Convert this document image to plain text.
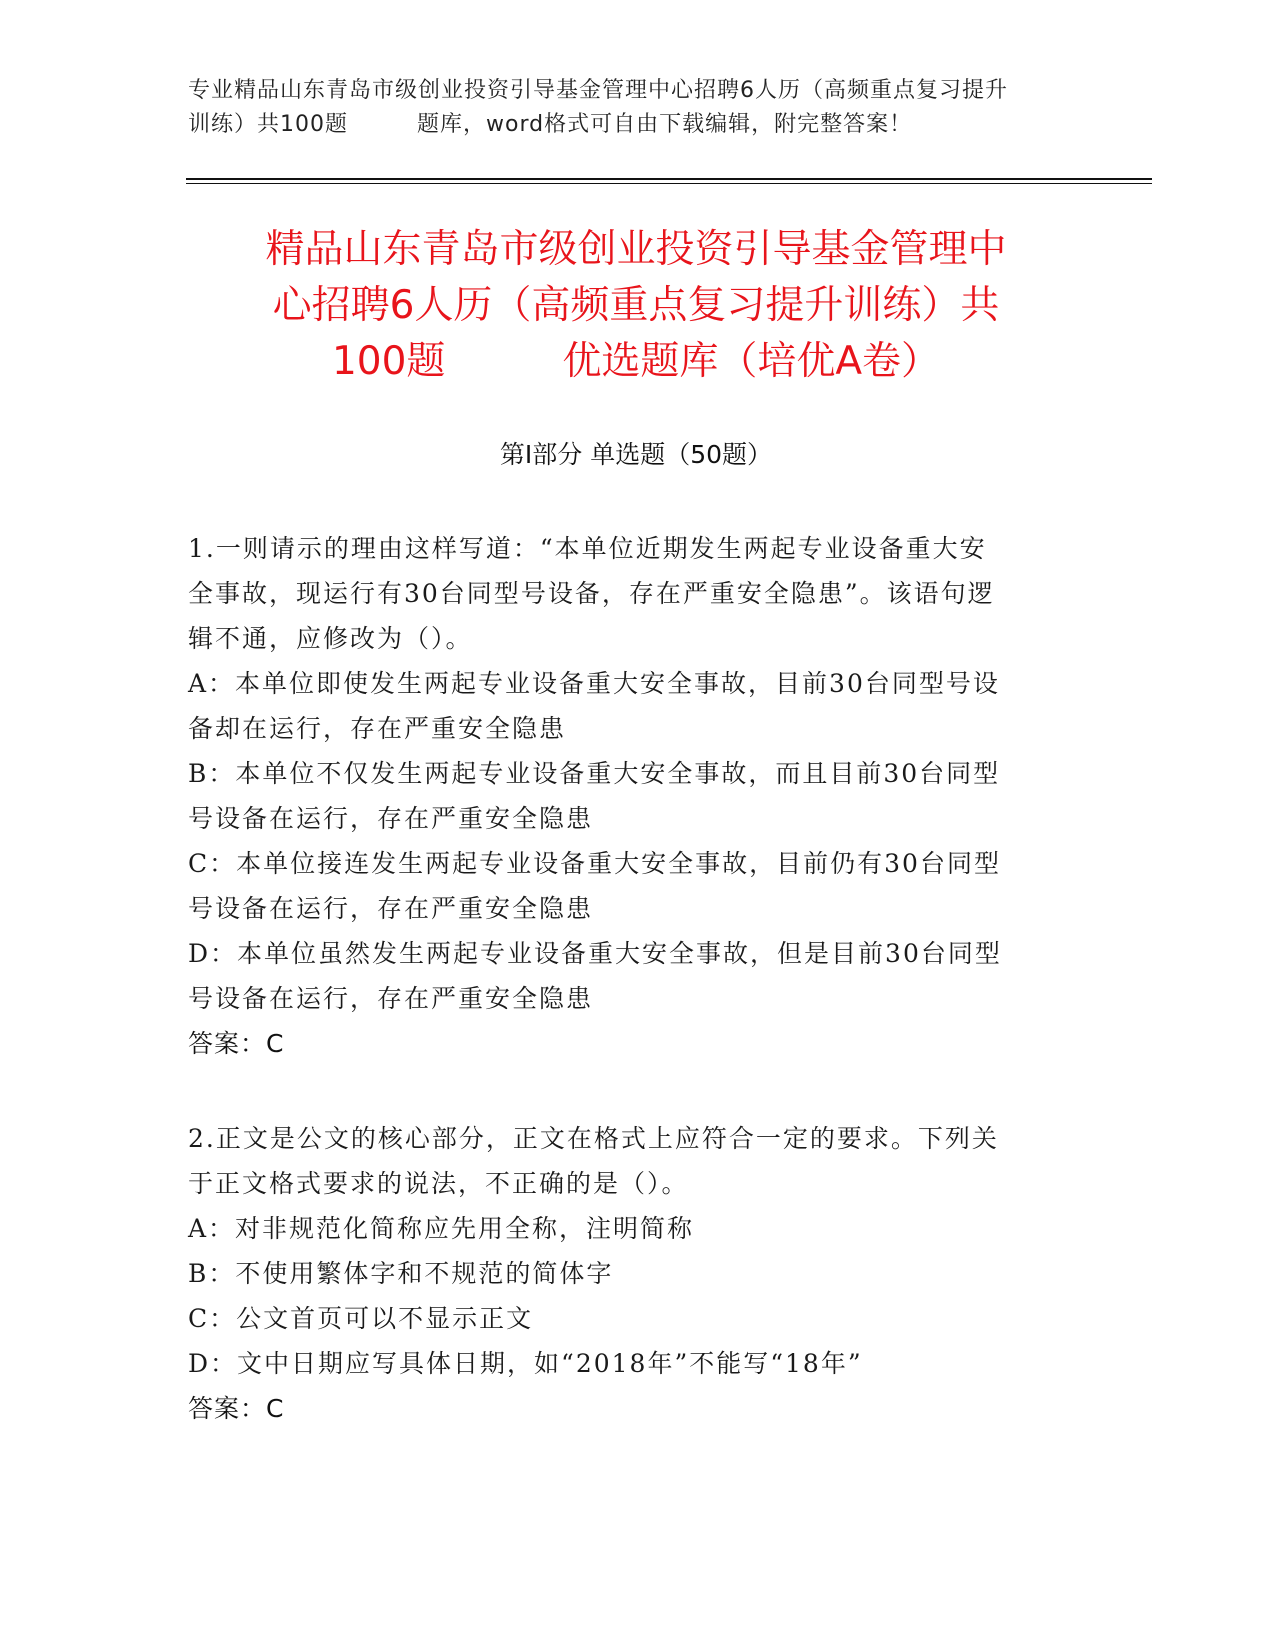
专业精品山东青岛市级创业投资引导基金管理中心招聘6人历（高频重点复习提升
训练）共100题　　　题库，word格式可自由下载编辑，附完整答案！
精品山东青岛市级创业投资引导基金管理中
心招聘6人历（高频重点复习提升训练）共
100题　　　优选题库（培优A卷）
第Ⅰ部分 单选题（50题）

1.一则请示的理由这样写道：“本单位近期发生两起专业设备重大安

全事故，现运行有30台同型号设备，存在严重安全隐患”。该语句逻

辑不通，应修改为（）。

A：本单位即使发生两起专业设备重大安全事故，目前30台同型号设

备却在运行，存在严重安全隐患

B：本单位不仅发生两起专业设备重大安全事故，而且目前30台同型

号设备在运行，存在严重安全隐患

C：本单位接连发生两起专业设备重大安全事故，目前仍有30台同型

号设备在运行，存在严重安全隐患

D：本单位虽然发生两起专业设备重大安全事故，但是目前30台同型

号设备在运行，存在严重安全隐患

答案：C

2.正文是公文的核心部分，正文在格式上应符合一定的要求。下列关

于正文格式要求的说法，不正确的是（）。

A：对非规范化简称应先用全称，注明简称

B：不使用繁体字和不规范的简体字

C：公文首页可以不显示正文

D：文中日期应写具体日期，如“2018年”不能写“18年”

答案：C
